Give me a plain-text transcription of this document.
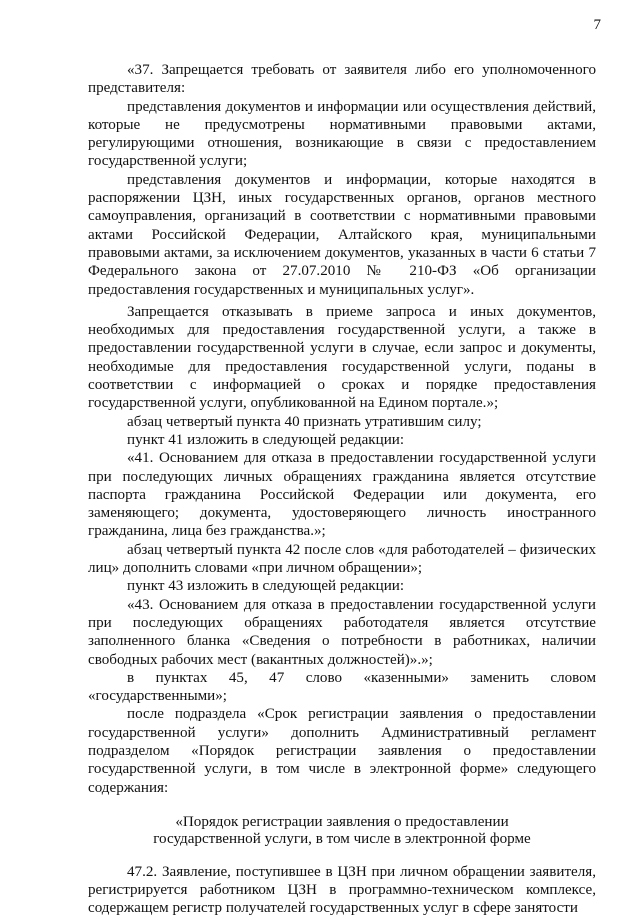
7

«37. Запрещается требовать от заявителя либо его уполномоченного представителя:

представления документов и информации или осуществления действий, которые не предусмотрены нормативными правовыми актами, регулирующими отношения, возникающие в связи с предоставлением государственной услуги;

представления документов и информации, которые находятся в распоряжении ЦЗН, иных государственных органов, органов местного самоуправления, организаций в соответствии с нормативными правовыми актами Российской Федерации, Алтайского края, муниципальными правовыми актами, за исключением документов, указанных в части 6 статьи 7 Федерального закона от 27.07.2010 № 210-ФЗ «Об организации предоставления государственных и муниципальных услуг».

Запрещается отказывать в приеме запроса и иных документов, необходимых для предоставления государственной услуги, а также в предоставлении государственной услуги в случае, если запрос и документы, необходимые для предоставления государственной услуги, поданы в соответствии с информацией о сроках и порядке предоставления государственной услуги, опубликованной на Едином портале.»;

абзац четвертый пункта 40 признать утратившим силу;

пункт 41 изложить в следующей редакции:

«41. Основанием для отказа в предоставлении государственной услуги при последующих личных обращениях гражданина является отсутствие паспорта гражданина Российской Федерации или документа, его заменяющего; документа, удостоверяющего личность иностранного гражданина, лица без гражданства.»;

абзац четвертый пункта 42 после слов «для работодателей – физических лиц» дополнить словами «при личном обращении»;

пункт 43 изложить в следующей редакции:

«43. Основанием для отказа в предоставлении государственной услуги при последующих обращениях работодателя является отсутствие заполненного бланка «Сведения о потребности в работниках, наличии свободных рабочих мест (вакантных должностей)».»;

в пунктах 45, 47 слово «казенными» заменить словом «государственными»;

после подраздела «Срок регистрации заявления о предоставлении государственной услуги» дополнить Административный регламент подразделом «Порядок регистрации заявления о предоставлении государственной услуги, в том числе в электронной форме» следующего содержания:

«Порядок регистрации заявления о предоставлении
государственной услуги, в том числе в электронной форме

47.2. Заявление, поступившее в ЦЗН при личном обращении заявителя, регистрируется работником ЦЗН в программно-техническом комплексе, содержащем регистр получателей государственных услуг в сфере занятости
